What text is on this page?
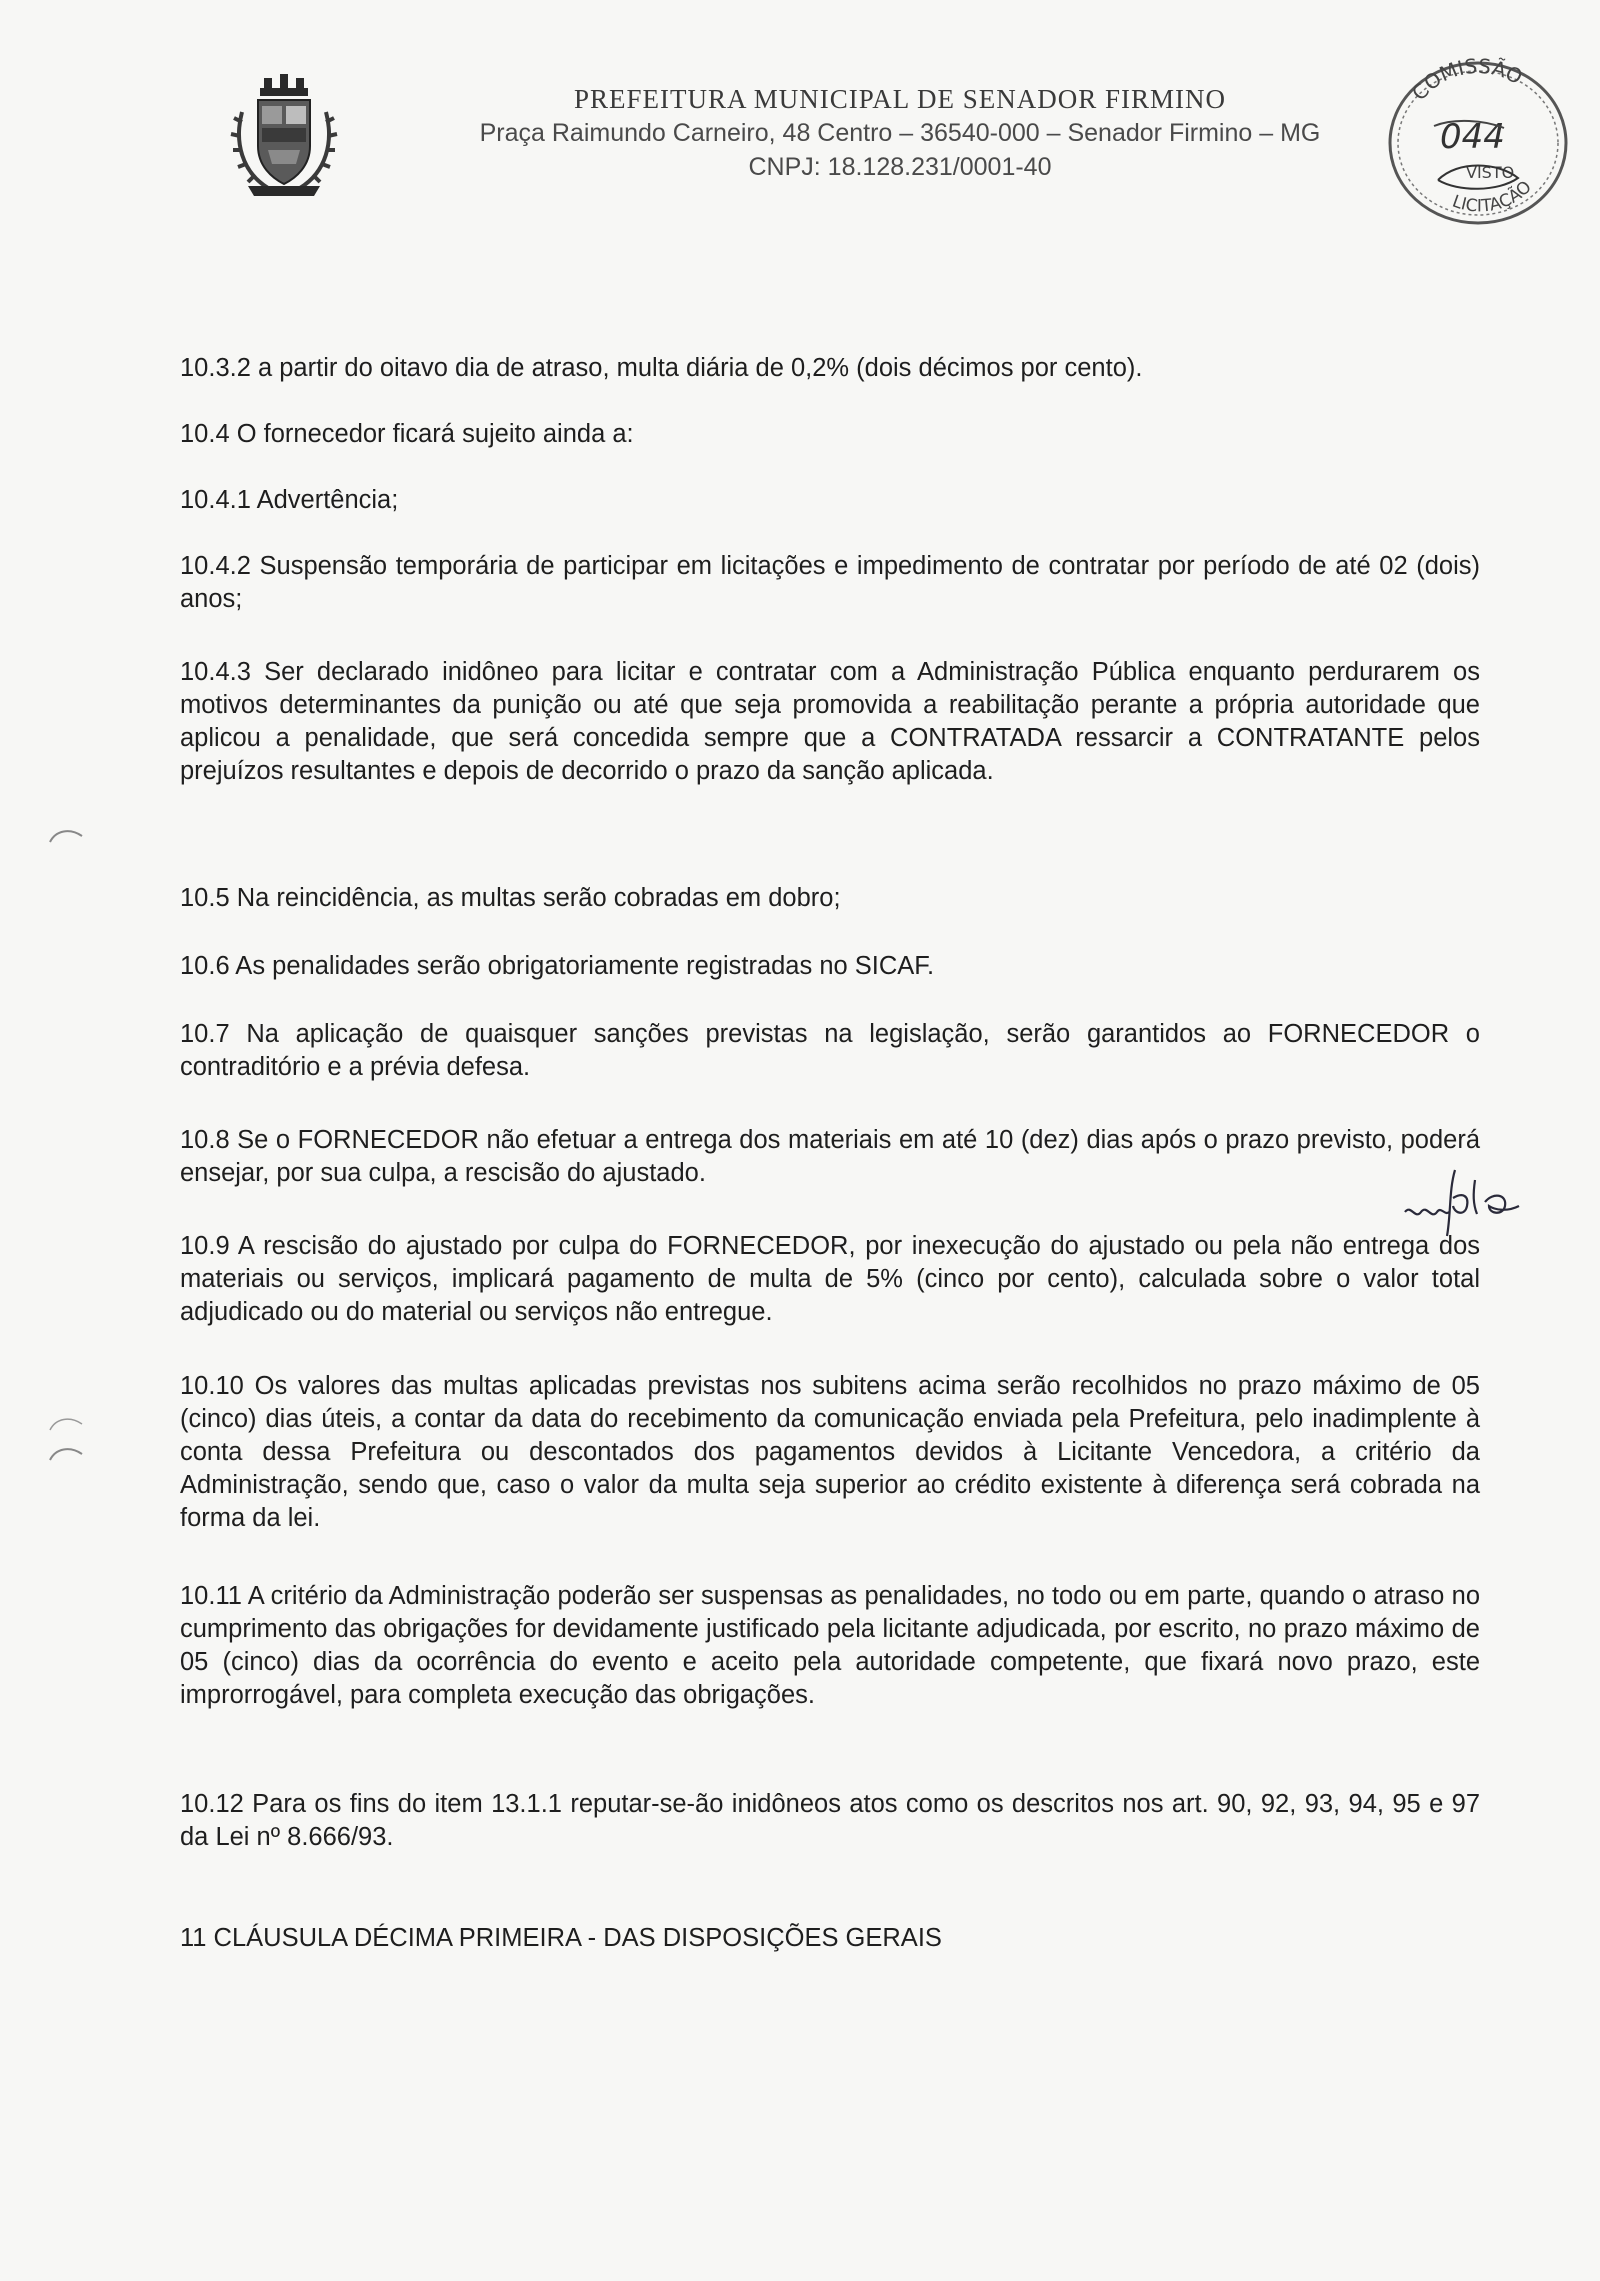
PREFEITURA MUNICIPAL DE SENADOR FIRMINO

Praça Raimundo Carneiro, 48 Centro – 36540-000 – Senador Firmino – MG

CNPJ: 18.128.231/0001-40

COMISSÃO
044
VISTO
LICITAÇÃO

10.3.2 a partir do oitavo dia de atraso, multa diária de 0,2% (dois décimos por cento).

10.4 O fornecedor ficará sujeito ainda a:

10.4.1 Advertência;

10.4.2 Suspensão temporária de participar em licitações e impedimento de contratar por período de até 02 (dois) anos;

10.4.3 Ser declarado inidôneo para licitar e contratar com a Administração Pública enquanto perdurarem os motivos determinantes da punição ou até que seja promovida a reabilitação perante a própria autoridade que aplicou a penalidade, que será concedida sempre que a CONTRATADA ressarcir a CONTRATANTE pelos prejuízos resultantes e depois de decorrido o prazo da sanção aplicada.

10.5 Na reincidência, as multas serão cobradas em dobro;

10.6 As penalidades serão obrigatoriamente registradas no SICAF.

10.7 Na aplicação de quaisquer sanções previstas na legislação, serão garantidos ao FORNECEDOR o contraditório e a prévia defesa.

10.8 Se o FORNECEDOR não efetuar a entrega dos materiais em até 10 (dez) dias após o prazo previsto, poderá ensejar, por sua culpa, a rescisão do ajustado.

10.9 A rescisão do ajustado por culpa do FORNECEDOR, por inexecução do ajustado ou pela não entrega dos materiais ou serviços, implicará pagamento de multa de 5% (cinco por cento), calculada sobre o valor total adjudicado ou do material ou serviços não entregue.

10.10 Os valores das multas aplicadas previstas nos subitens acima serão recolhidos no prazo máximo de 05 (cinco) dias úteis, a contar da data do recebimento da comunicação enviada pela Prefeitura, pelo inadimplente à conta dessa Prefeitura ou descontados dos pagamentos devidos à Licitante Vencedora, a critério da Administração, sendo que, caso o valor da multa seja superior ao crédito existente à diferença será cobrada na forma da lei.

10.11 A critério da Administração poderão ser suspensas as penalidades, no todo ou em parte, quando o atraso no cumprimento das obrigações for devidamente justificado pela licitante adjudicada, por escrito, no prazo máximo de 05 (cinco) dias da ocorrência do evento e aceito pela autoridade competente, que fixará novo prazo, este improrrogável, para completa execução das obrigações.

10.12 Para os fins do item 13.1.1 reputar-se-ão inidôneos atos como os descritos nos art. 90, 92, 93, 94, 95 e 97 da Lei nº 8.666/93.

11 CLÁUSULA DÉCIMA PRIMEIRA - DAS DISPOSIÇÕES GERAIS
